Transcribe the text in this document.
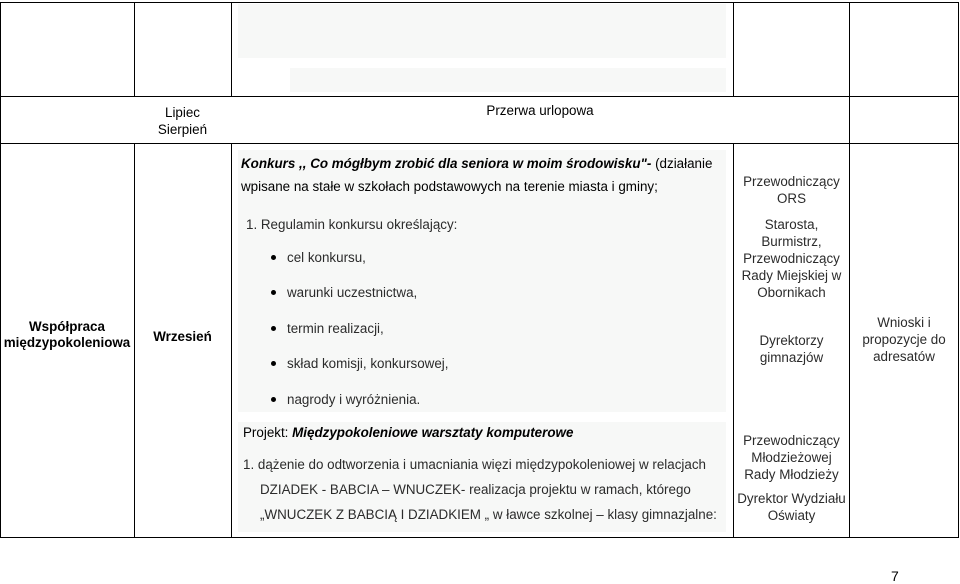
Lipiec
Sierpień
Przerwa urlopowa
Współpraca
międzypokoleniowa	Wrzesień
Konkurs ,, Co mógłbym zrobić dla seniora w moim środowisku"- (działanie
wpisane na stałe w szkołach podstawowych na terenie miasta i gminy;
1. Regulamin konkursu określający:
cel konkursu,
warunki uczestnictwa,
termin realizacji,
skład komisji, konkursowej,
nagrody i wyróżnienia.
Projekt: Międzypokoleniowe warsztaty komputerowe
1. dążenie do odtworzenia i umacniania więzi międzypokoleniowej w relacjach
DZIADEK - BABCIA – WNUCZEK- realizacja projektu w ramach, którego
„WNUCZEK Z BABCIĄ I DZIADKIEM „ w ławce szkolnej – klasy gimnazjalne:
Przewodniczący
ORS
Starosta,
Burmistrz,
Przewodniczący
Rady Miejskiej w
Obornikach
Dyrektorzy
gimnazjów
Przewodniczący
Młodzieżowej
Rady Młodzieży
Dyrektor Wydziału
Oświaty
Wnioski i
propozycje do
adresatów
7
